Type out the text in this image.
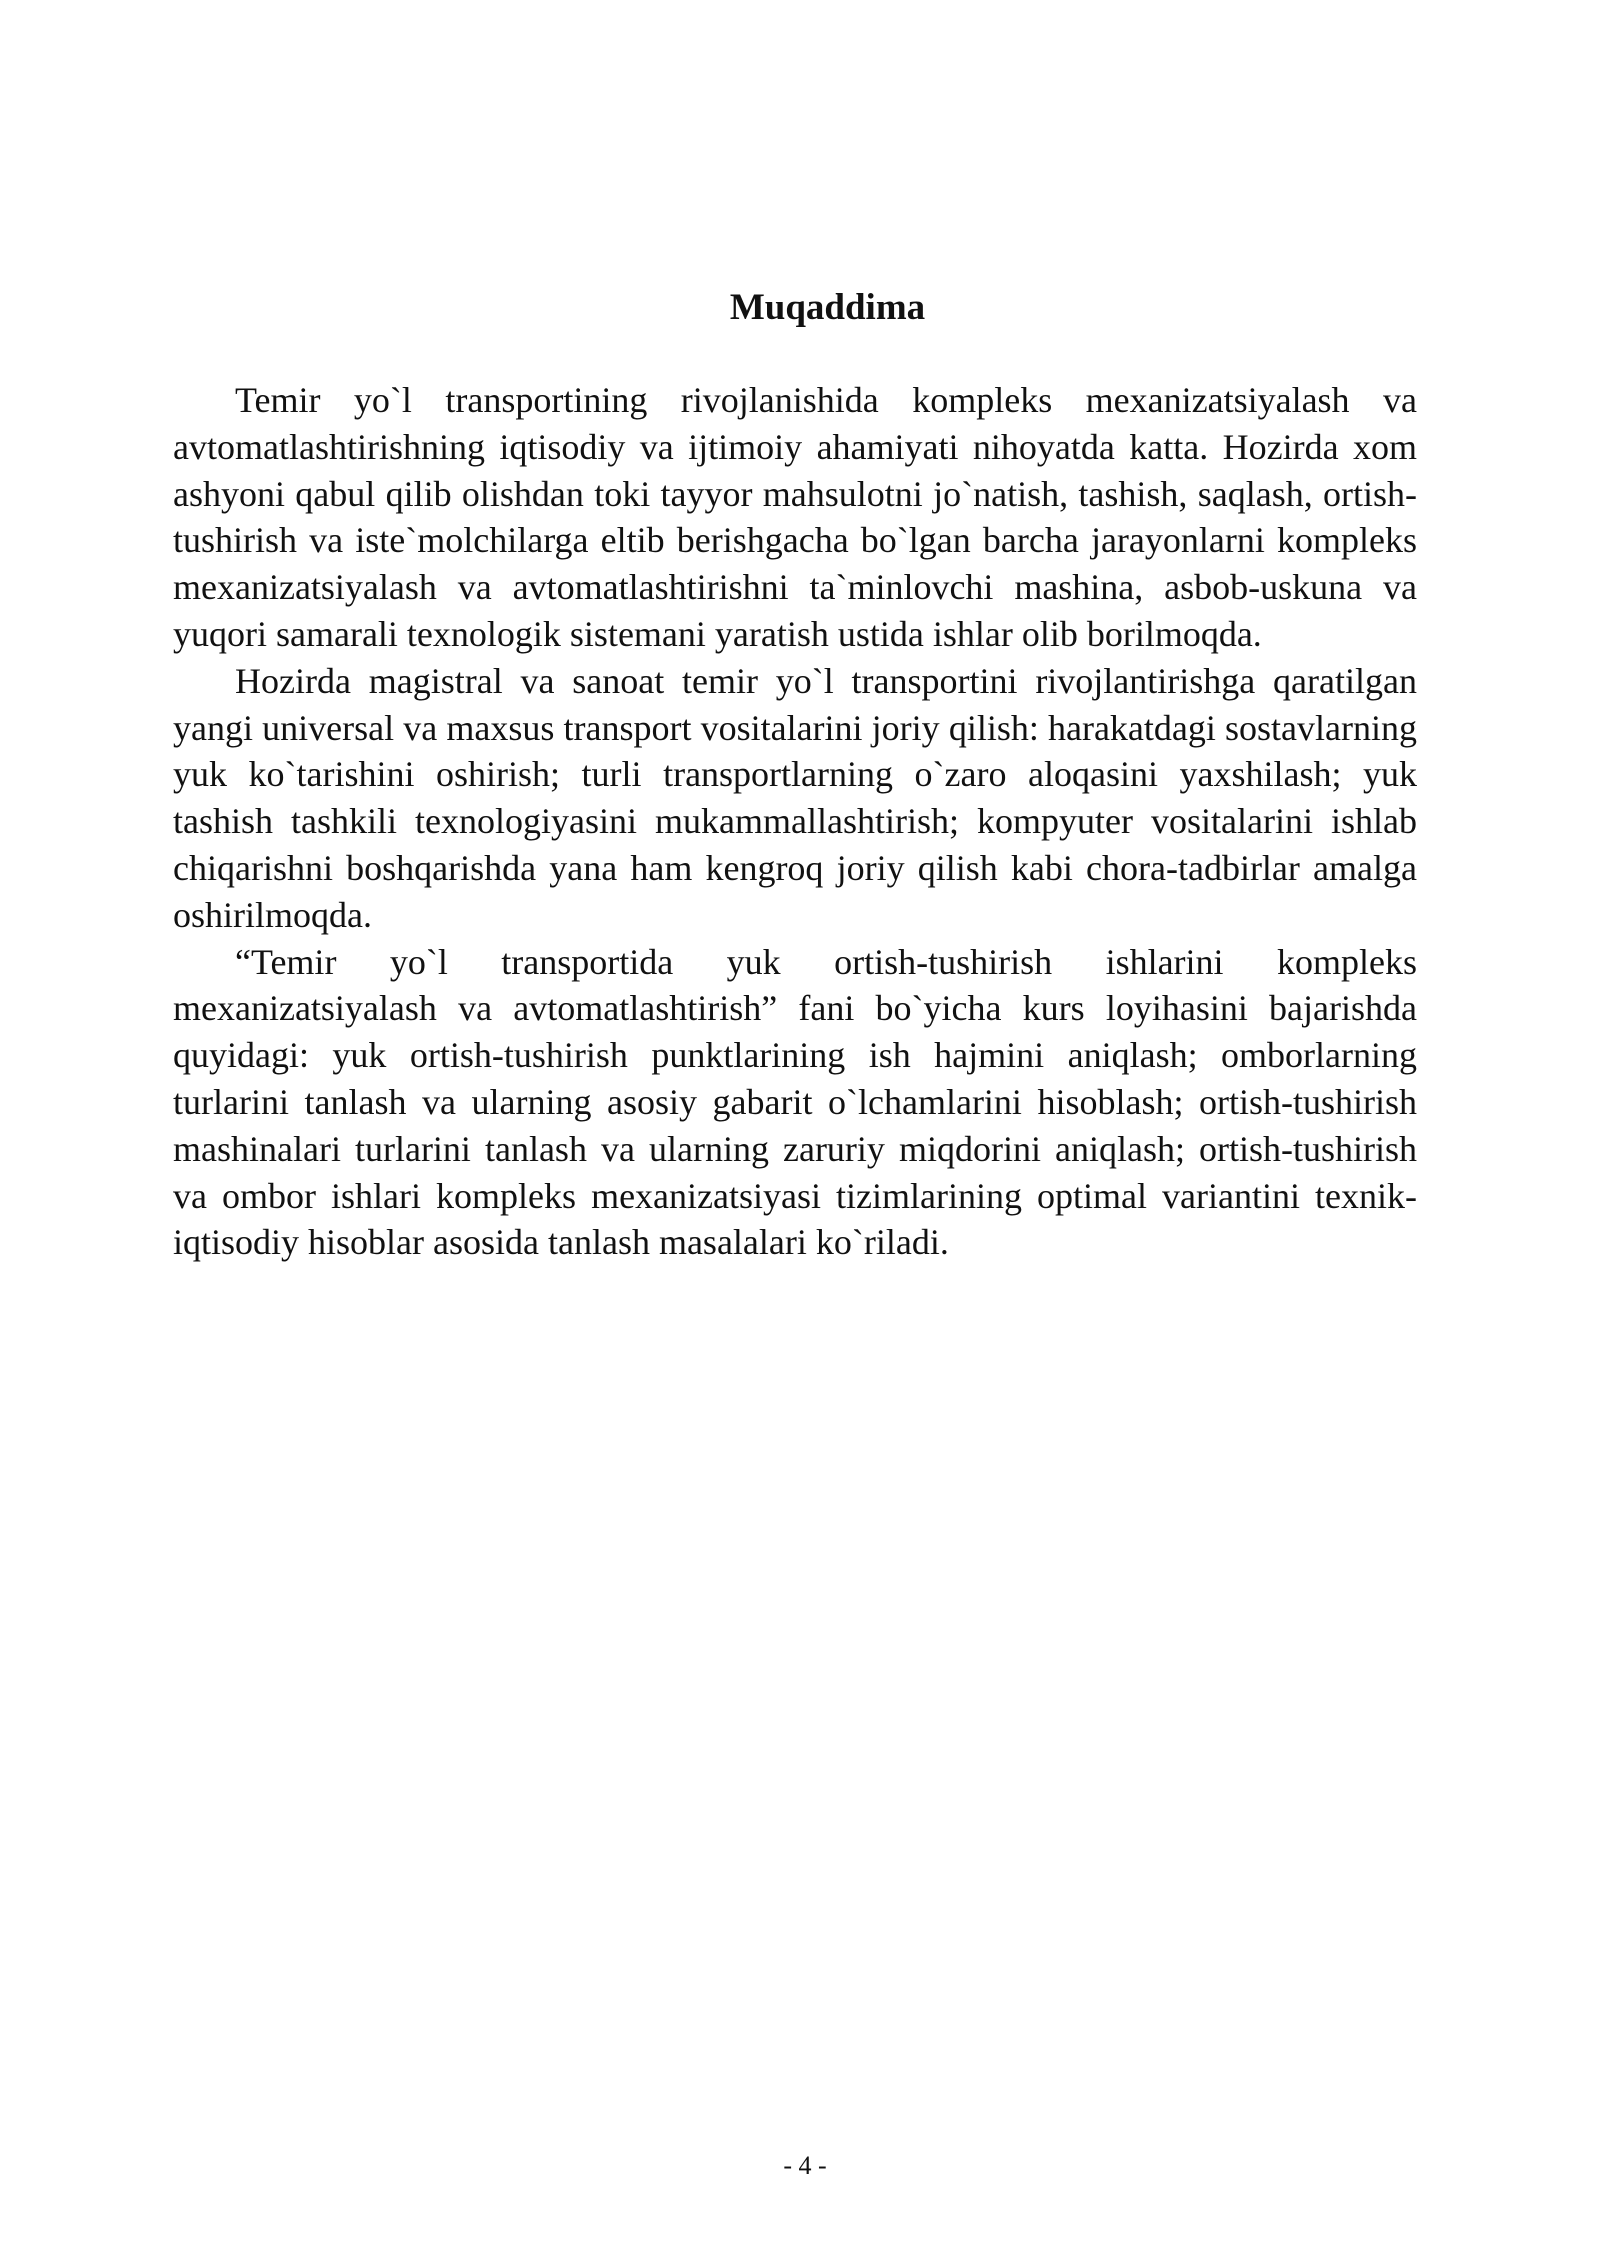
Muqaddima

Temir yo`l transportining rivojlanishida kompleks mexanizatsiyalash va avtomatlashtirishning iqtisodiy va ijtimoiy ahamiyati nihoyatda katta. Hozirda xom ashyoni qabul qilib olishdan toki tayyor mahsulotni jo`natish, tashish, saqlash, ortish-tushirish va iste`molchilarga eltib berishgacha bo`lgan barcha jarayonlarni kompleks mexanizatsiyalash va avtomatlashtirishni ta`minlovchi mashina, asbob-uskuna va yuqori samarali texnologik sistemani yaratish ustida ishlar olib borilmoqda.

Hozirda magistral va sanoat temir yo`l transportini rivojlantirishga qaratilgan yangi universal va maxsus transport vositalarini joriy qilish: harakatdagi sostavlarning yuk ko`tarishini oshirish; turli transportlarning o`zaro aloqasini yaxshilash; yuk tashish tashkili texnologiyasini mukammallashtirish; kompyuter vositalarini ishlab chiqarishni boshqarishda yana ham kengroq joriy qilish kabi chora-tadbirlar amalga oshirilmoqda.

“Temir yo`l transportida yuk ortish-tushirish ishlarini kompleks mexanizatsiyalash va avtomatlashtirish” fani bo`yicha kurs loyihasini bajarishda quyidagi: yuk ortish-tushirish punktlarining ish hajmini aniqlash; omborlarning turlarini tanlash va ularning asosiy gabarit o`lchamlarini hisoblash; ortish-tushirish mashinalari turlarini tanlash va ularning zaruriy miqdorini aniqlash; ortish-tushirish va ombor ishlari kompleks mexanizatsiyasi tizimlarining optimal variantini texnik-iqtisodiy hisoblar asosida tanlash masalalari ko`riladi.

- 4 -
